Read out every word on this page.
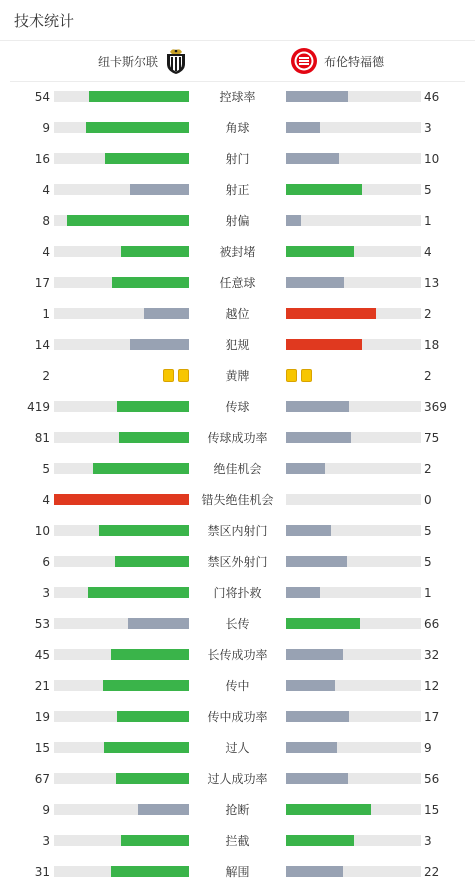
技术统计
纽卡斯尔联	布伦特福德
54	控球率	46
9	角球	3
16	射门	10
4	射正	5
8	射偏	1
4	被封堵	4
17	任意球	13
1	越位	2
14	犯规	18
2	黄牌	2
419	传球	369
81	传球成功率	75
5	绝佳机会	2
4	错失绝佳机会	0
10	禁区内射门	5
6	禁区外射门	5
3	门将扑救	1
53	长传	66
45	长传成功率	32
21	传中	12
19	传中成功率	17
15	过人	9
67	过人成功率	56
9	抢断	15
3	拦截	3
31	解围	22
